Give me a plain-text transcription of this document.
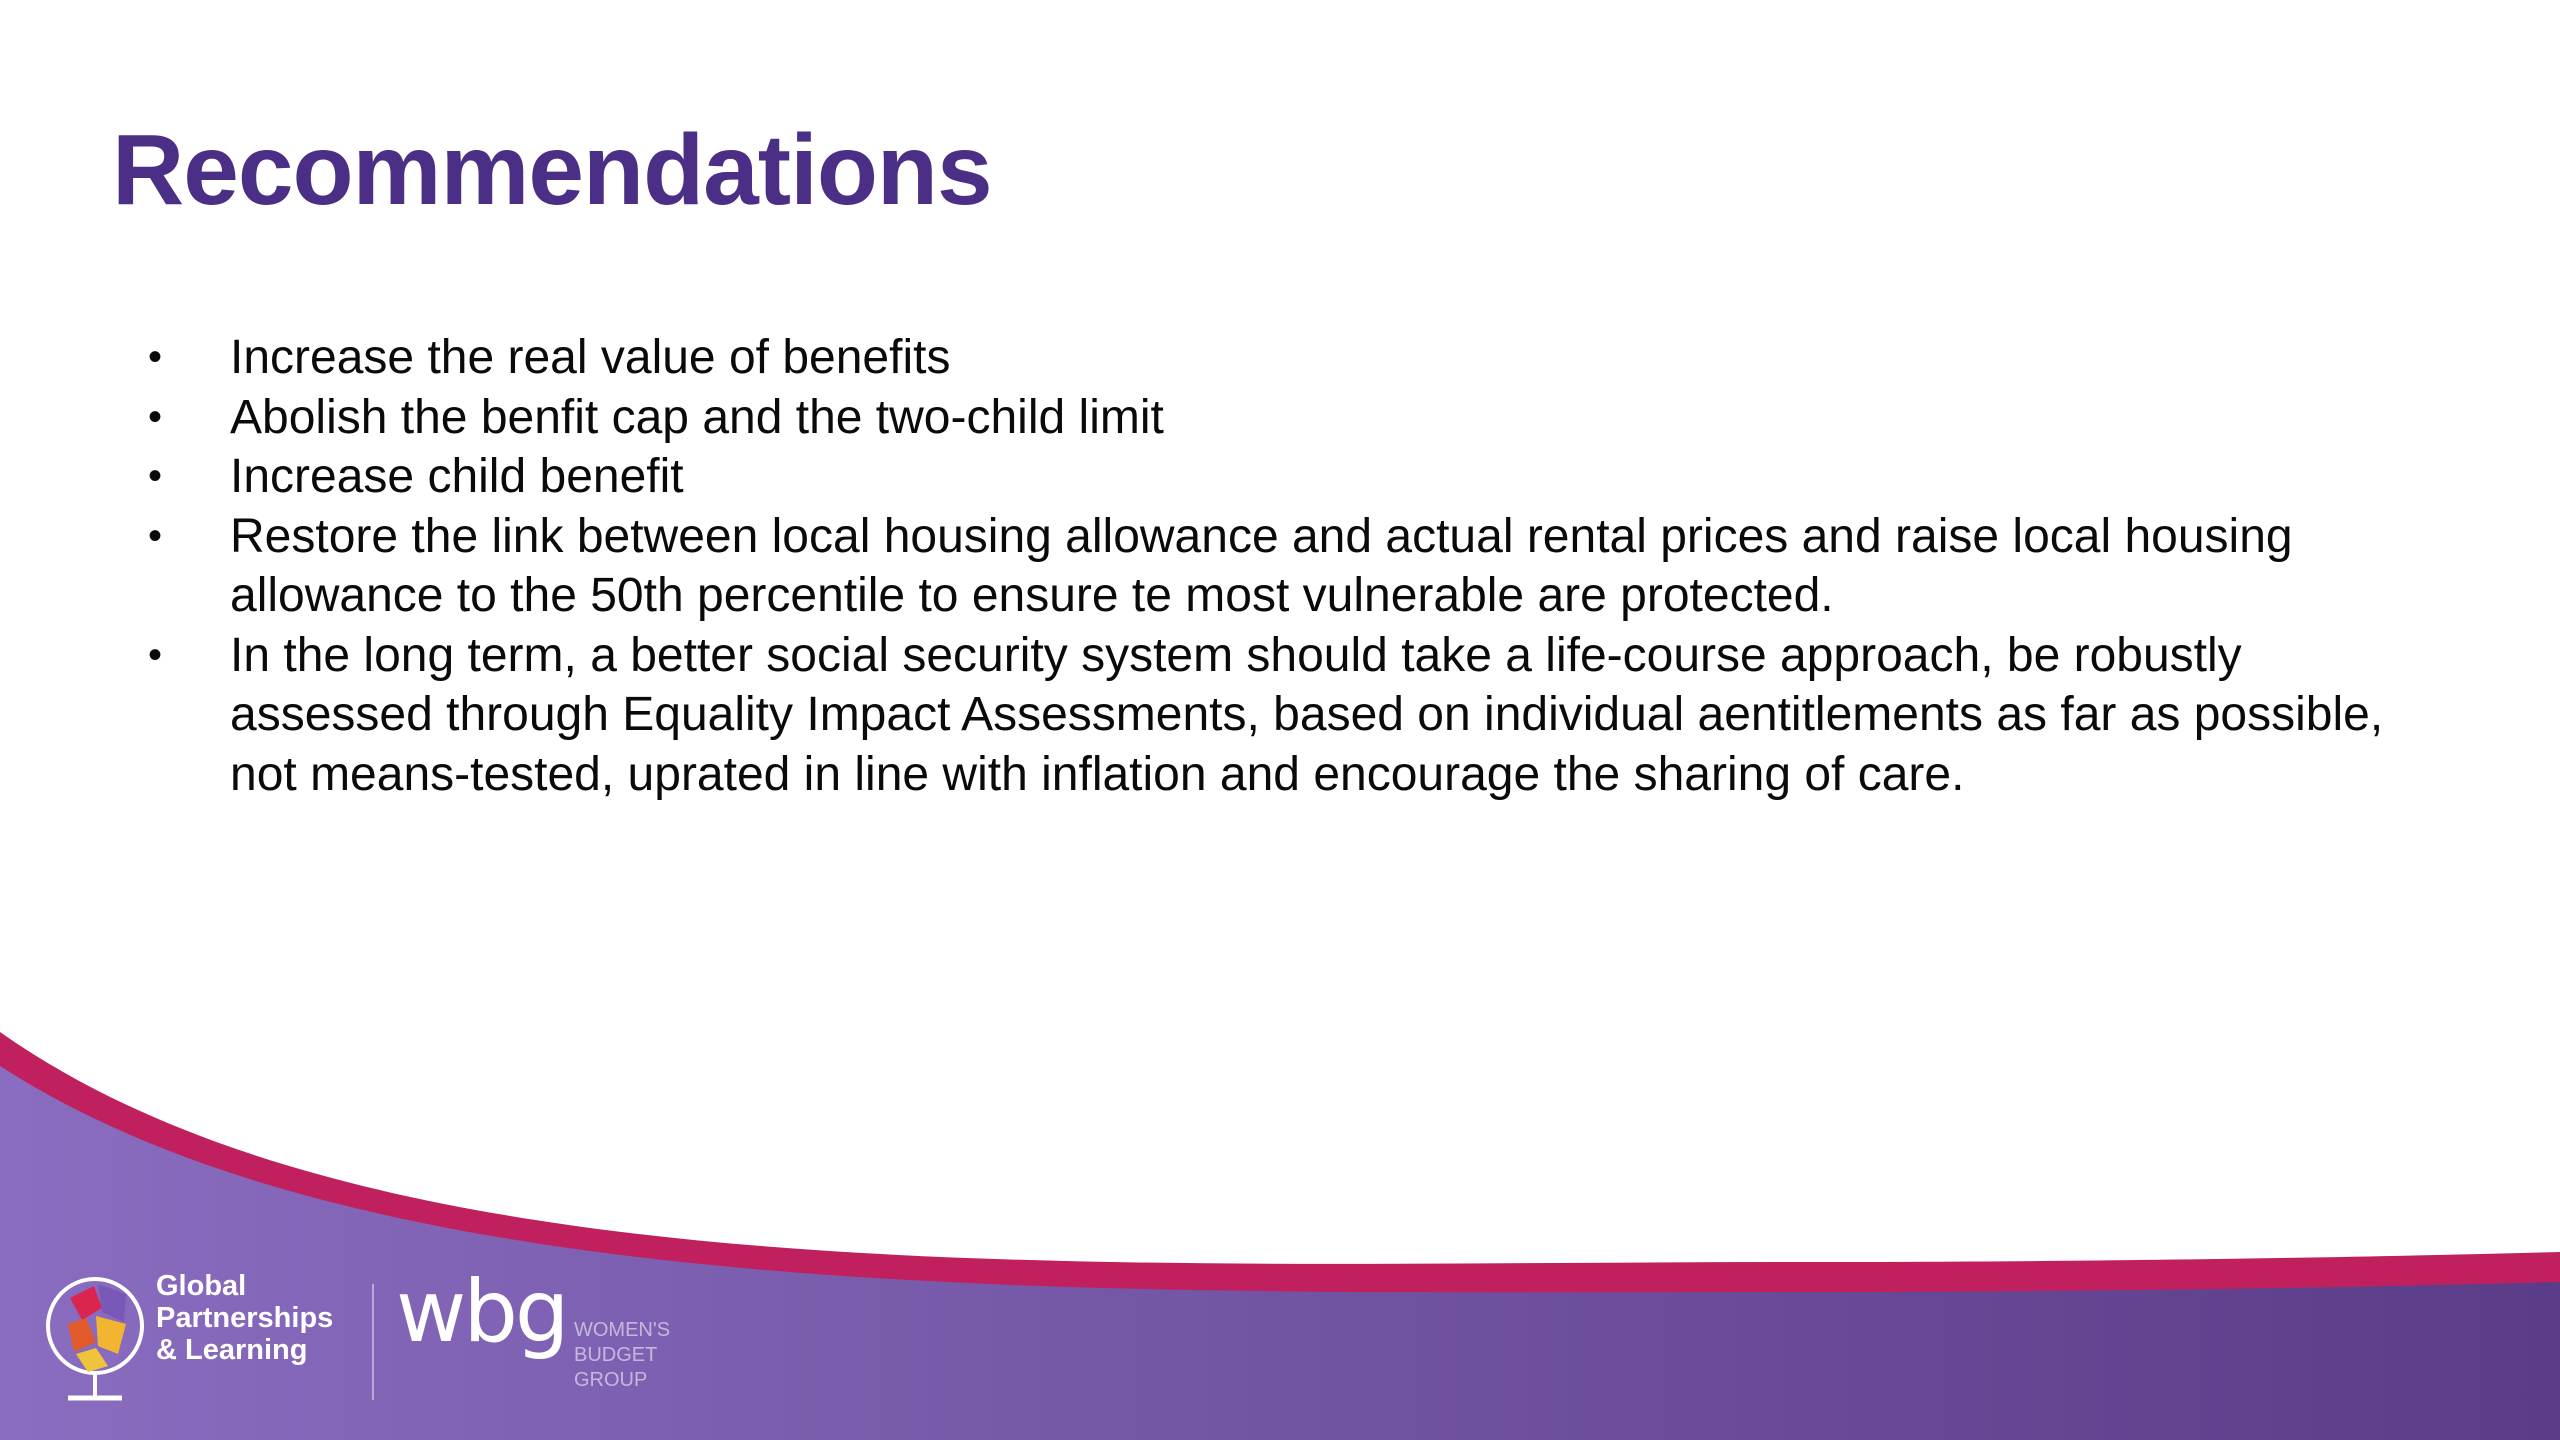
Recommendations
• Increase the real value of benefits
• Abolish the benfit cap and the two-child limit
• Increase child benefit
• Restore the link between local housing allowance and actual rental prices and raise local housing allowance to the 50th percentile to ensure te most vulnerable are protected.
• In the long term, a better social security system should take a life-course approach, be robustly assessed through Equality Impact Assessments, based on individual aentitlements as far as possible, not means-tested, uprated in line with inflation and encourage the sharing of care.
Global
Partnerships
& Learning	wbg WOMEN'S
BUDGET
GROUP
